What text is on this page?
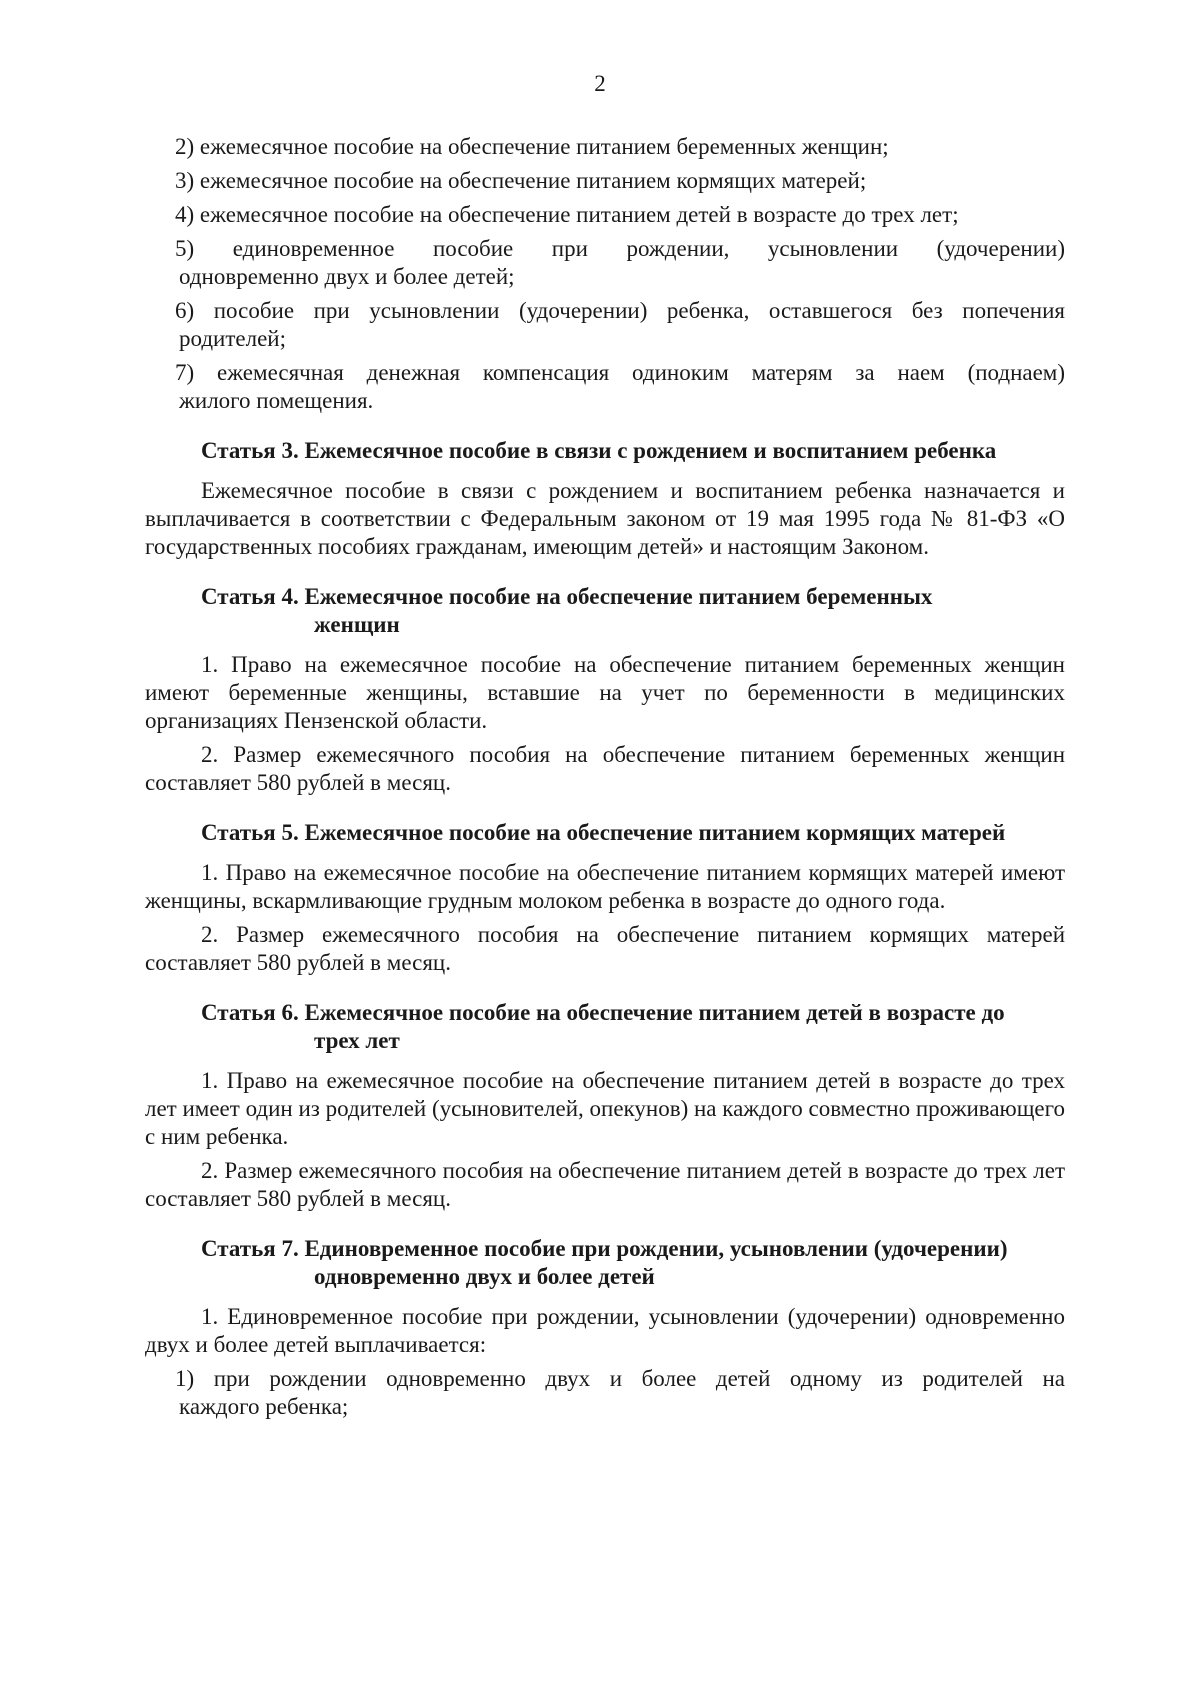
2
2) ежемесячное пособие на обеспечение питанием беременных женщин;
3) ежемесячное пособие на обеспечение питанием кормящих матерей;
4) ежемесячное пособие на обеспечение питанием детей в возрасте до трех лет;
5) единовременное пособие при рождении, усыновлении (удочерении)
одновременно двух и более детей;
6) пособие при усыновлении (удочерении) ребенка, оставшегося без попечения
родителей;
7) ежемесячная денежная компенсация одиноким матерям за наем (поднаем)
жилого помещения.
Статья 3. Ежемесячное пособие в связи с рождением и воспитанием ребенка
Ежемесячное пособие в связи с рождением и воспитанием ребенка назначается и выплачивается в соответствии с Федеральным законом от 19 мая 1995 года № 81-ФЗ «О государственных пособиях гражданам, имеющим детей» и настоящим Законом.
Статья 4. Ежемесячное пособие на обеспечение питанием беременных
женщин
1. Право на ежемесячное пособие на обеспечение питанием беременных женщин имеют беременные женщины, вставшие на учет по беременности в медицинских организациях Пензенской области.
2. Размер ежемесячного пособия на обеспечение питанием беременных женщин составляет 580 рублей в месяц.
Статья 5. Ежемесячное пособие на обеспечение питанием кормящих матерей
1. Право на ежемесячное пособие на обеспечение питанием кормящих матерей имеют женщины, вскармливающие грудным молоком ребенка в возрасте до одного года.
2. Размер ежемесячного пособия на обеспечение питанием кормящих матерей составляет 580 рублей в месяц.
Статья 6. Ежемесячное пособие на обеспечение питанием детей в возрасте до
трех лет
1. Право на ежемесячное пособие на обеспечение питанием детей в возрасте до трех лет имеет один из родителей (усыновителей, опекунов) на каждого совместно проживающего с ним ребенка.
2. Размер ежемесячного пособия на обеспечение питанием детей в возрасте до трех лет составляет 580 рублей в месяц.
Статья 7. Единовременное пособие при рождении, усыновлении (удочерении)
одновременно двух и более детей
1. Единовременное пособие при рождении, усыновлении (удочерении) одновременно двух и более детей выплачивается:
1) при рождении одновременно двух и более детей одному из родителей на
каждого ребенка;
